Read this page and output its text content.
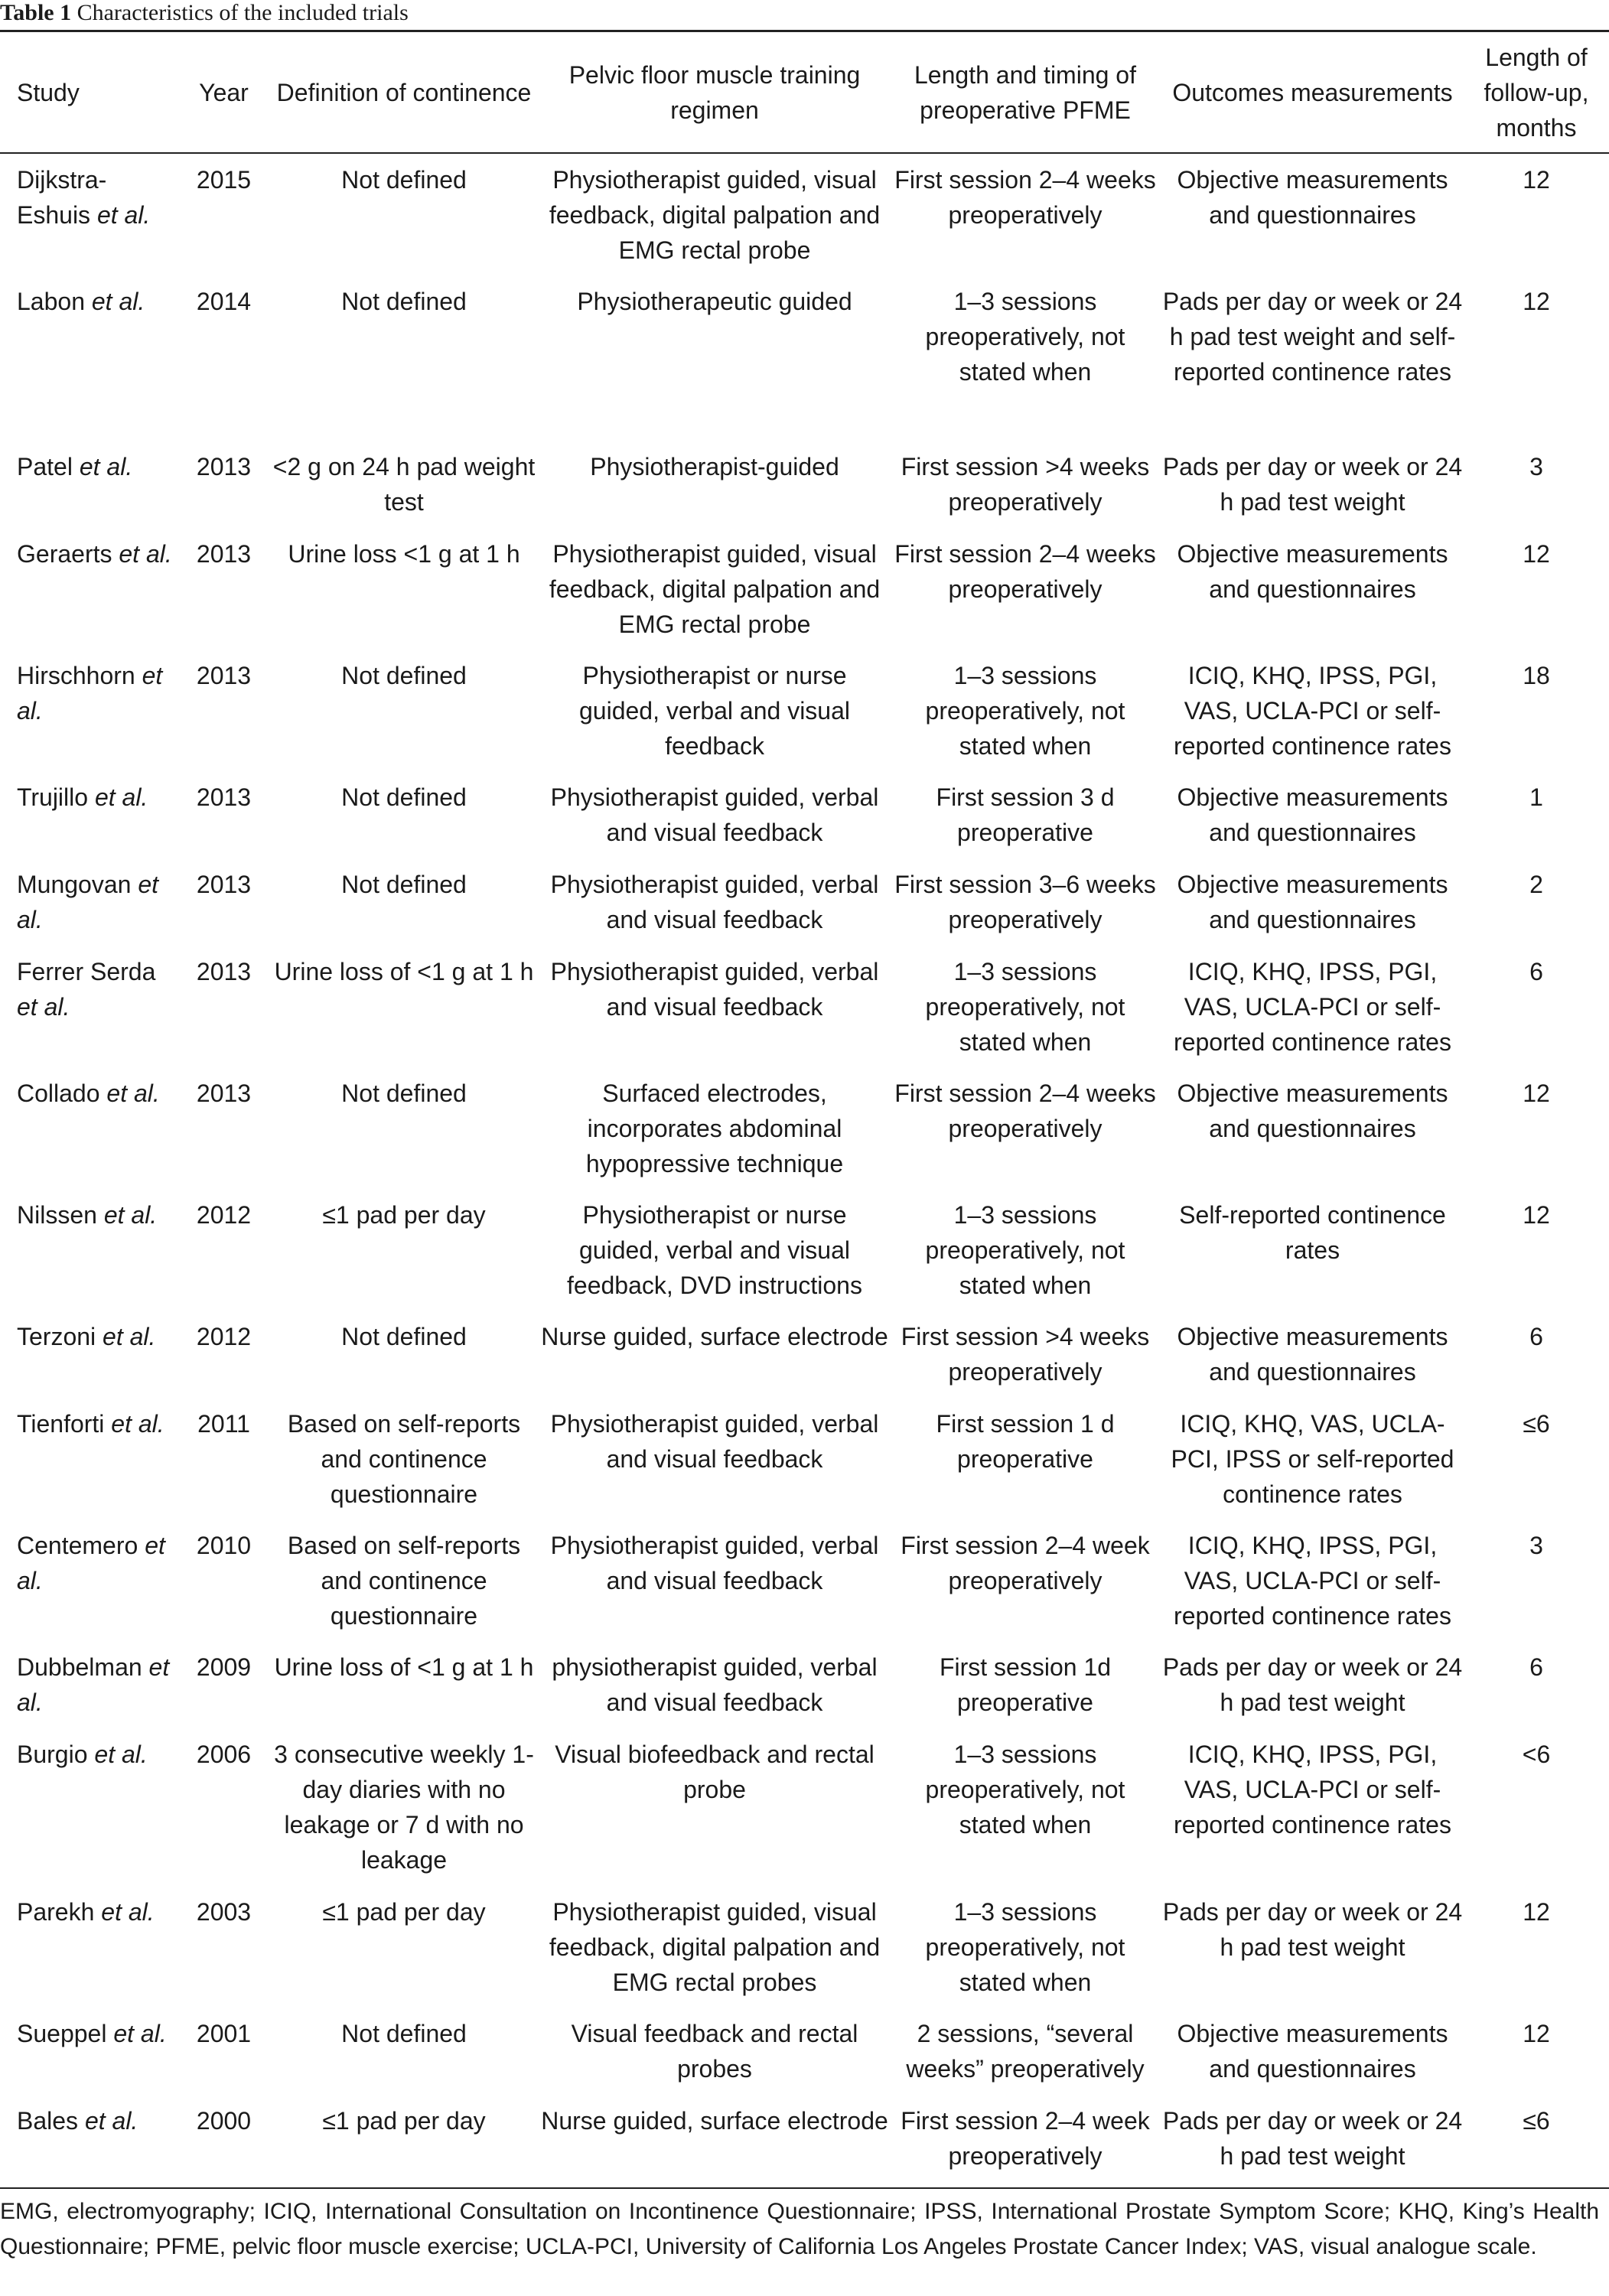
Table 1 Characteristics of the included trials
Study	Year	Definition of continence	Pelvic floor muscle training regimen	Length and timing of preoperative PFME	Outcomes measurements	Length of follow-up, months
Dijkstra-Eshuis et al.	2015	Not defined	Physiotherapist guided, visual feedback, digital palpation and EMG rectal probe	First session 2–4 weeks preoperatively	Objective measurements and questionnaires	12
Labon et al.	2014	Not defined	Physiotherapeutic guided	1–3 sessions preoperatively, not stated when	Pads per day or week or 24 h pad test weight and self-reported continence rates	12
Patel et al.	2013	<2 g on 24 h pad weight test	Physiotherapist-guided	First session >4 weeks preoperatively	Pads per day or week or 24 h pad test weight	3
Geraerts et al.	2013	Urine loss <1 g at 1 h	Physiotherapist guided, visual feedback, digital palpation and EMG rectal probe	First session 2–4 weeks preoperatively	Objective measurements and questionnaires	12
Hirschhorn et al.	2013	Not defined	Physiotherapist or nurse guided, verbal and visual feedback	1–3 sessions preoperatively, not stated when	ICIQ, KHQ, IPSS, PGI, VAS, UCLA-PCI or self-reported continence rates	18
Trujillo et al.	2013	Not defined	Physiotherapist guided, verbal and visual feedback	First session 3 d preoperative	Objective measurements and questionnaires	1
Mungovan et al.	2013	Not defined	Physiotherapist guided, verbal and visual feedback	First session 3–6 weeks preoperatively	Objective measurements and questionnaires	2
Ferrer Serda et al.	2013	Urine loss of <1 g at 1 h	Physiotherapist guided, verbal and visual feedback	1–3 sessions preoperatively, not stated when	ICIQ, KHQ, IPSS, PGI, VAS, UCLA-PCI or self-reported continence rates	6
Collado et al.	2013	Not defined	Surfaced electrodes, incorporates abdominal hypopressive technique	First session 2–4 weeks preoperatively	Objective measurements and questionnaires	12
Nilssen et al.	2012	≤1 pad per day	Physiotherapist or nurse guided, verbal and visual feedback, DVD instructions	1–3 sessions preoperatively, not stated when	Self-reported continence rates	12
Terzoni et al.	2012	Not defined	Nurse guided, surface electrode	First session >4 weeks preoperatively	Objective measurements and questionnaires	6
Tienforti et al.	2011	Based on self-reports and continence questionnaire	Physiotherapist guided, verbal and visual feedback	First session 1 d preoperative	ICIQ, KHQ, VAS, UCLA-PCI, IPSS or self-reported continence rates	≤6
Centemero et al.	2010	Based on self-reports and continence questionnaire	Physiotherapist guided, verbal and visual feedback	First session 2–4 week preoperatively	ICIQ, KHQ, IPSS, PGI, VAS, UCLA-PCI or self-reported continence rates	3
Dubbelman et al.	2009	Urine loss of <1 g at 1 h	physiotherapist guided, verbal and visual feedback	First session 1d preoperative	Pads per day or week or 24 h pad test weight	6
Burgio et al.	2006	3 consecutive weekly 1-day diaries with no leakage or 7 d with no leakage	Visual biofeedback and rectal probe	1–3 sessions preoperatively, not stated when	ICIQ, KHQ, IPSS, PGI, VAS, UCLA-PCI or self-reported continence rates	<6
Parekh et al.	2003	≤1 pad per day	Physiotherapist guided, visual feedback, digital palpation and EMG rectal probes	1–3 sessions preoperatively, not stated when	Pads per day or week or 24 h pad test weight	12
Sueppel et al.	2001	Not defined	Visual feedback and rectal probes	2 sessions, “several weeks” preoperatively	Objective measurements and questionnaires	12
Bales et al.	2000	≤1 pad per day	Nurse guided, surface electrode	First session 2–4 week preoperatively	Pads per day or week or 24 h pad test weight	≤6
EMG, electromyography; ICIQ, International Consultation on Incontinence Questionnaire; IPSS, International Prostate Symptom Score; KHQ, King’s Health Questionnaire; PFME, pelvic floor muscle exercise; UCLA-PCI, University of California Los Angeles Prostate Cancer Index; VAS, visual analogue scale.
